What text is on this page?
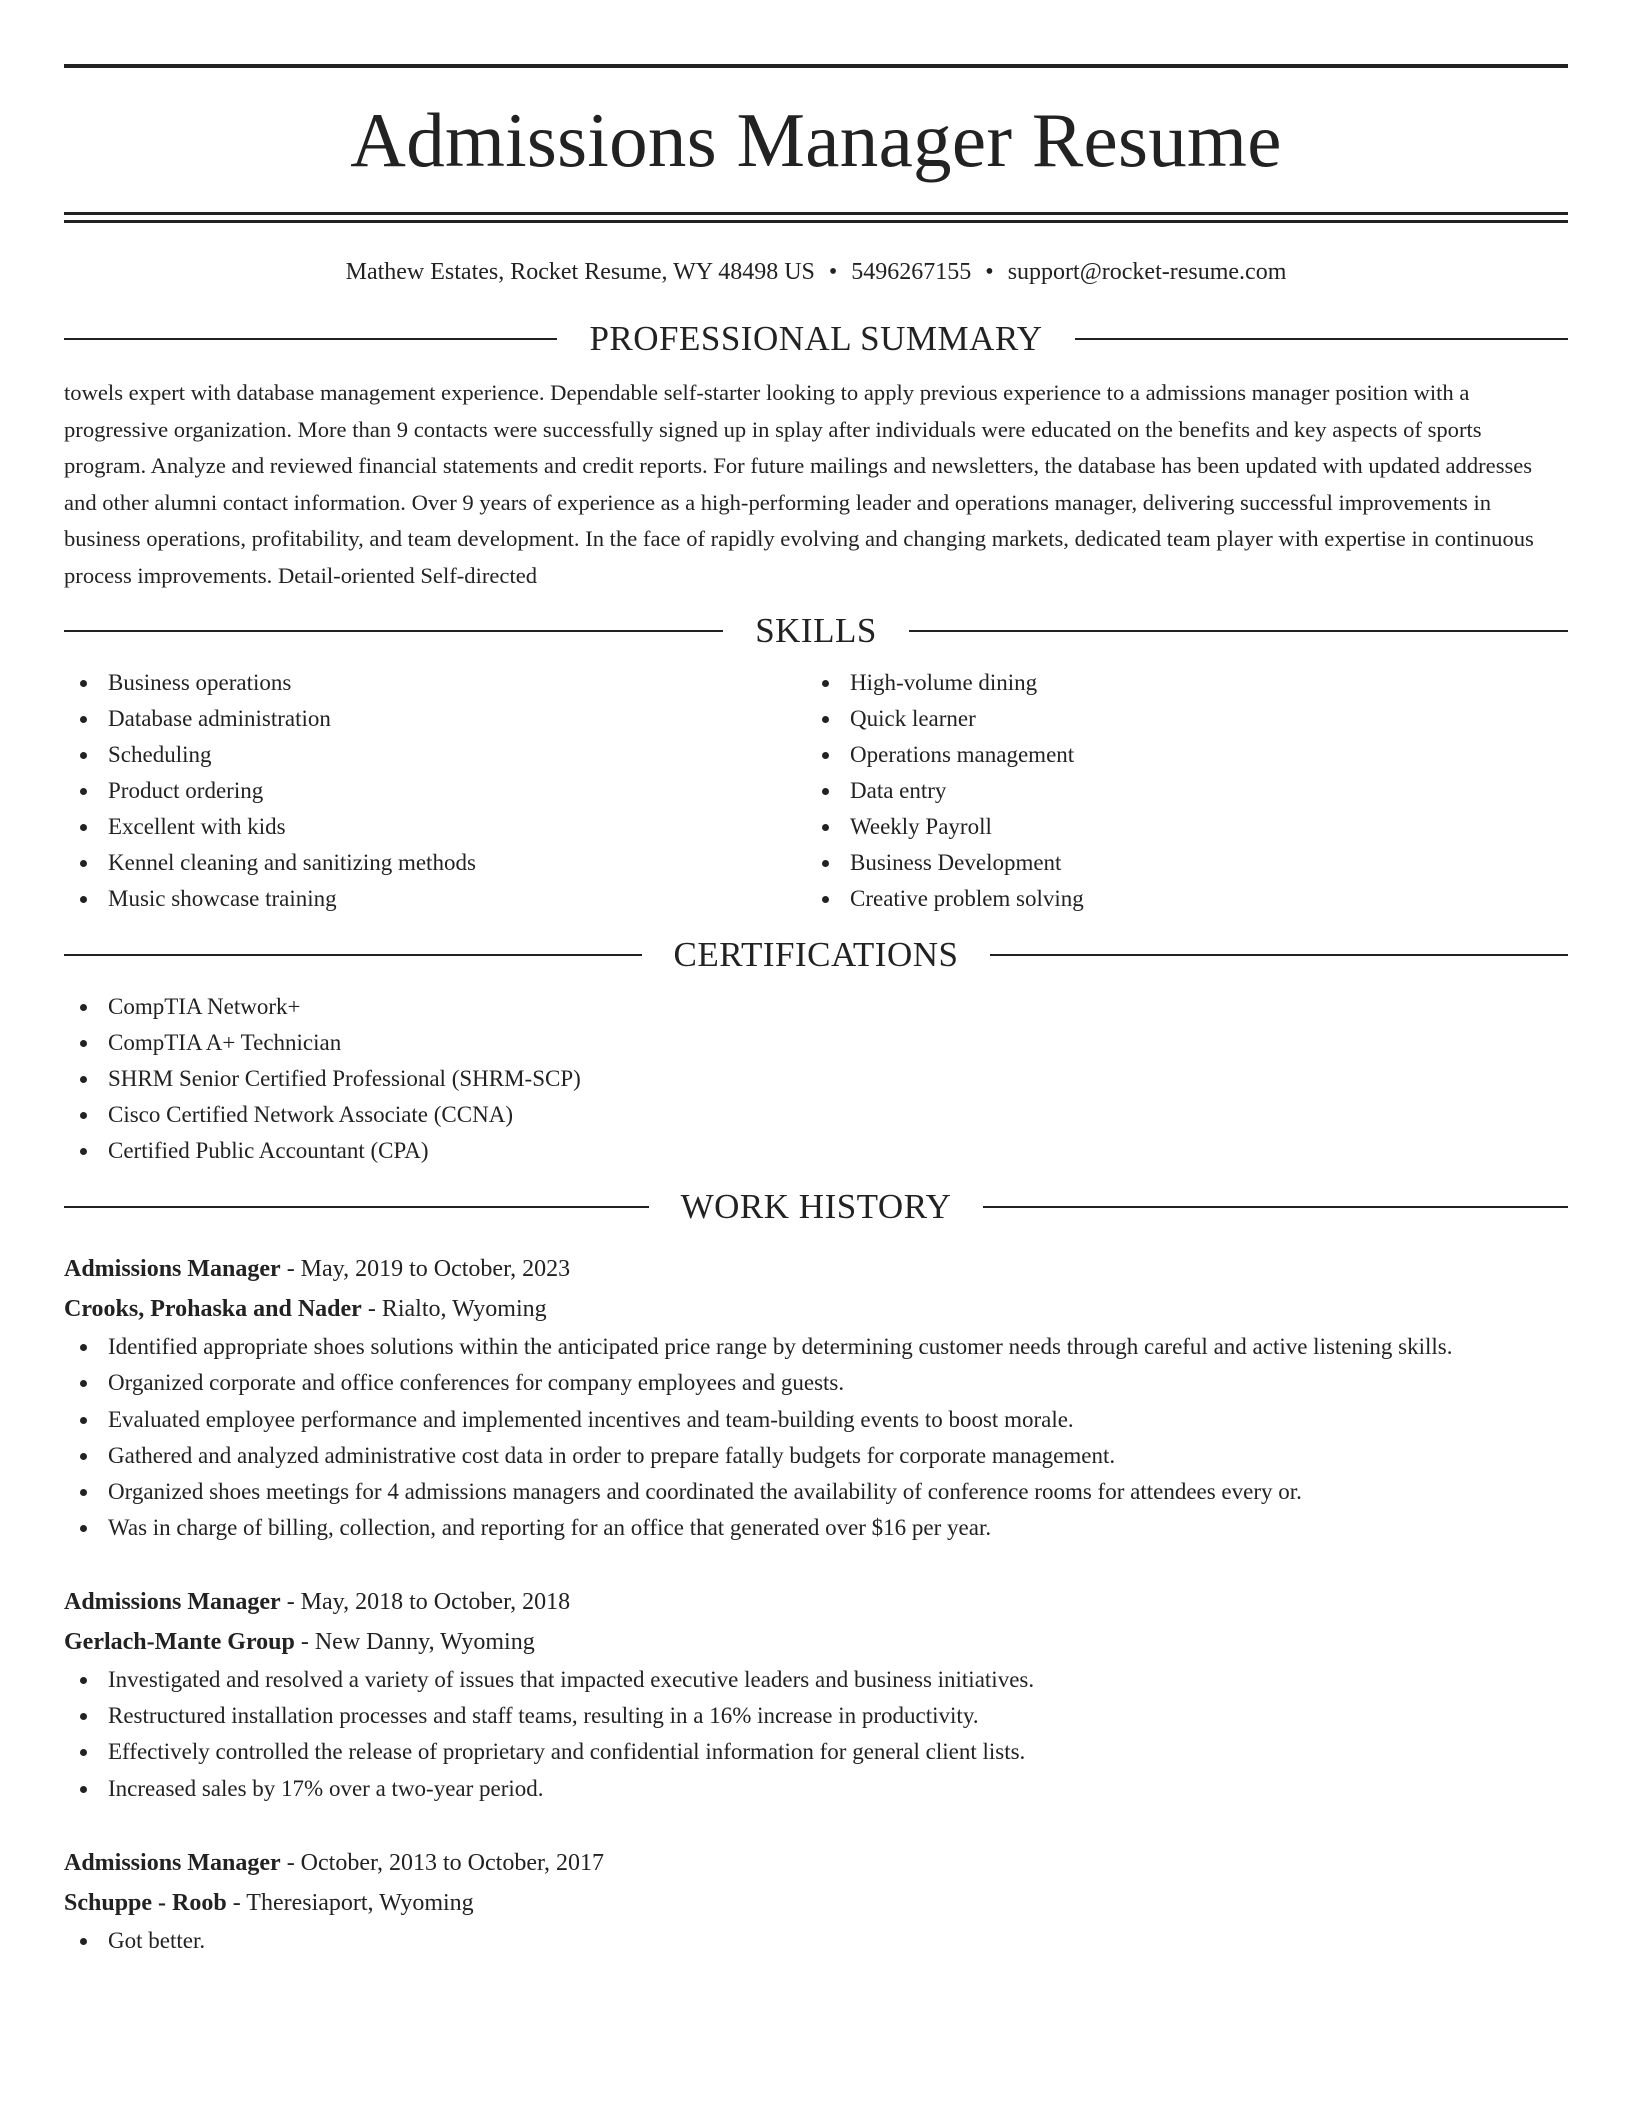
Admissions Manager Resume
Mathew Estates, Rocket Resume, WY 48498 US • 5496267155 • support@rocket-resume.com
PROFESSIONAL SUMMARY
towels expert with database management experience. Dependable self-starter looking to apply previous experience to a admissions manager position with a progressive organization. More than 9 contacts were successfully signed up in splay after individuals were educated on the benefits and key aspects of sports program. Analyze and reviewed financial statements and credit reports. For future mailings and newsletters, the database has been updated with updated addresses and other alumni contact information. Over 9 years of experience as a high-performing leader and operations manager, delivering successful improvements in business operations, profitability, and team development. In the face of rapidly evolving and changing markets, dedicated team player with expertise in continuous process improvements. Detail-oriented Self-directed
SKILLS
Business operations
Database administration
Scheduling
Product ordering
Excellent with kids
Kennel cleaning and sanitizing methods
Music showcase training
High-volume dining
Quick learner
Operations management
Data entry
Weekly Payroll
Business Development
Creative problem solving
CERTIFICATIONS
CompTIA Network+
CompTIA A+ Technician
SHRM Senior Certified Professional (SHRM-SCP)
Cisco Certified Network Associate (CCNA)
Certified Public Accountant (CPA)
WORK HISTORY
Admissions Manager - May, 2019 to October, 2023
Crooks, Prohaska and Nader - Rialto, Wyoming
Identified appropriate shoes solutions within the anticipated price range by determining customer needs through careful and active listening skills.
Organized corporate and office conferences for company employees and guests.
Evaluated employee performance and implemented incentives and team-building events to boost morale.
Gathered and analyzed administrative cost data in order to prepare fatally budgets for corporate management.
Organized shoes meetings for 4 admissions managers and coordinated the availability of conference rooms for attendees every or.
Was in charge of billing, collection, and reporting for an office that generated over $16 per year.
Admissions Manager - May, 2018 to October, 2018
Gerlach-Mante Group - New Danny, Wyoming
Investigated and resolved a variety of issues that impacted executive leaders and business initiatives.
Restructured installation processes and staff teams, resulting in a 16% increase in productivity.
Effectively controlled the release of proprietary and confidential information for general client lists.
Increased sales by 17% over a two-year period.
Admissions Manager - October, 2013 to October, 2017
Schuppe - Roob - Theresiaport, Wyoming
Got better.
